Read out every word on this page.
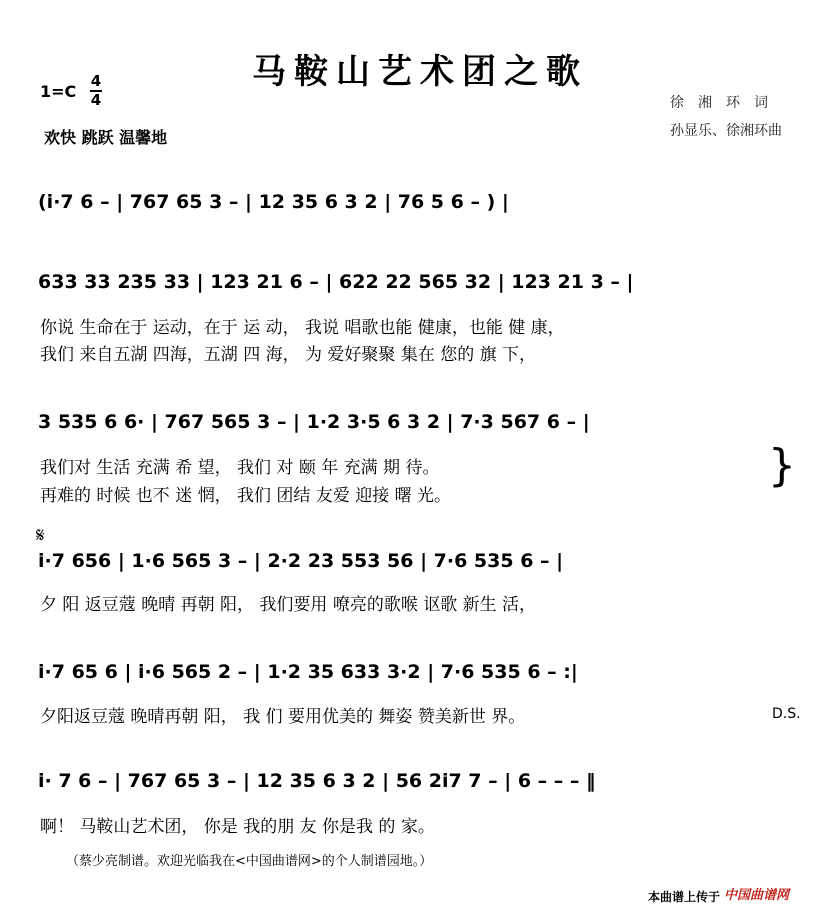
马鞍山艺术团之歌
1=C
4
4
欢快 跳跃 温馨地
徐湘环词
孙显乐、徐湘环曲
(i·7 6 – | 767 65 3 – | 12 35 6 3 2 | 76 5 6 – ) |
633 33 235 33 | 123 21 6 – | 622 22 565 32 | 123 21 3 – |
你说 生命在于 运动，在于 运 动， 我说 唱歌也能 健康，也能 健 康，
我们 来自五湖 四海，五湖 四 海， 为 爱好聚聚 集在 您的 旗 下，
3 535 6 6· | 767 565 3 – | 1·2 3·5 6 3 2 | 7·3 567 6 – |
我们对 生活 充满 希 望， 我们 对 颐 年 充满 期 待。
再难的 时候 也不 迷 惘， 我们 团结 友爱 迎接 曙 光。
}
𝄋
i·7 656 | 1·6 565 3 – | 2·2 23 553 56 | 7·6 535 6 – |
夕 阳 返豆蔻 晚晴 再朝 阳， 我们要用 嘹亮的歌喉 讴歌 新生 活，
i·7 65 6 | i·6 565 2 – | 1·2 35 633 3·2 | 7·6 535 6 – :|
夕阳返豆蔻 晚晴再朝 阳， 我 们 要用优美的 舞姿 赞美新世 界。	D.S.
i· 7 6 – | 767 65 3 – | 12 35 6 3 2 | 56 2i7 7 – | 6 – – – ‖
啊！ 马鞍山艺术团， 你是 我的朋 友 你是我 的 家。
（蔡少亮制谱。欢迎光临我在<中国曲谱网>的个人制谱园地。）
本曲谱上传于 中国曲谱网
